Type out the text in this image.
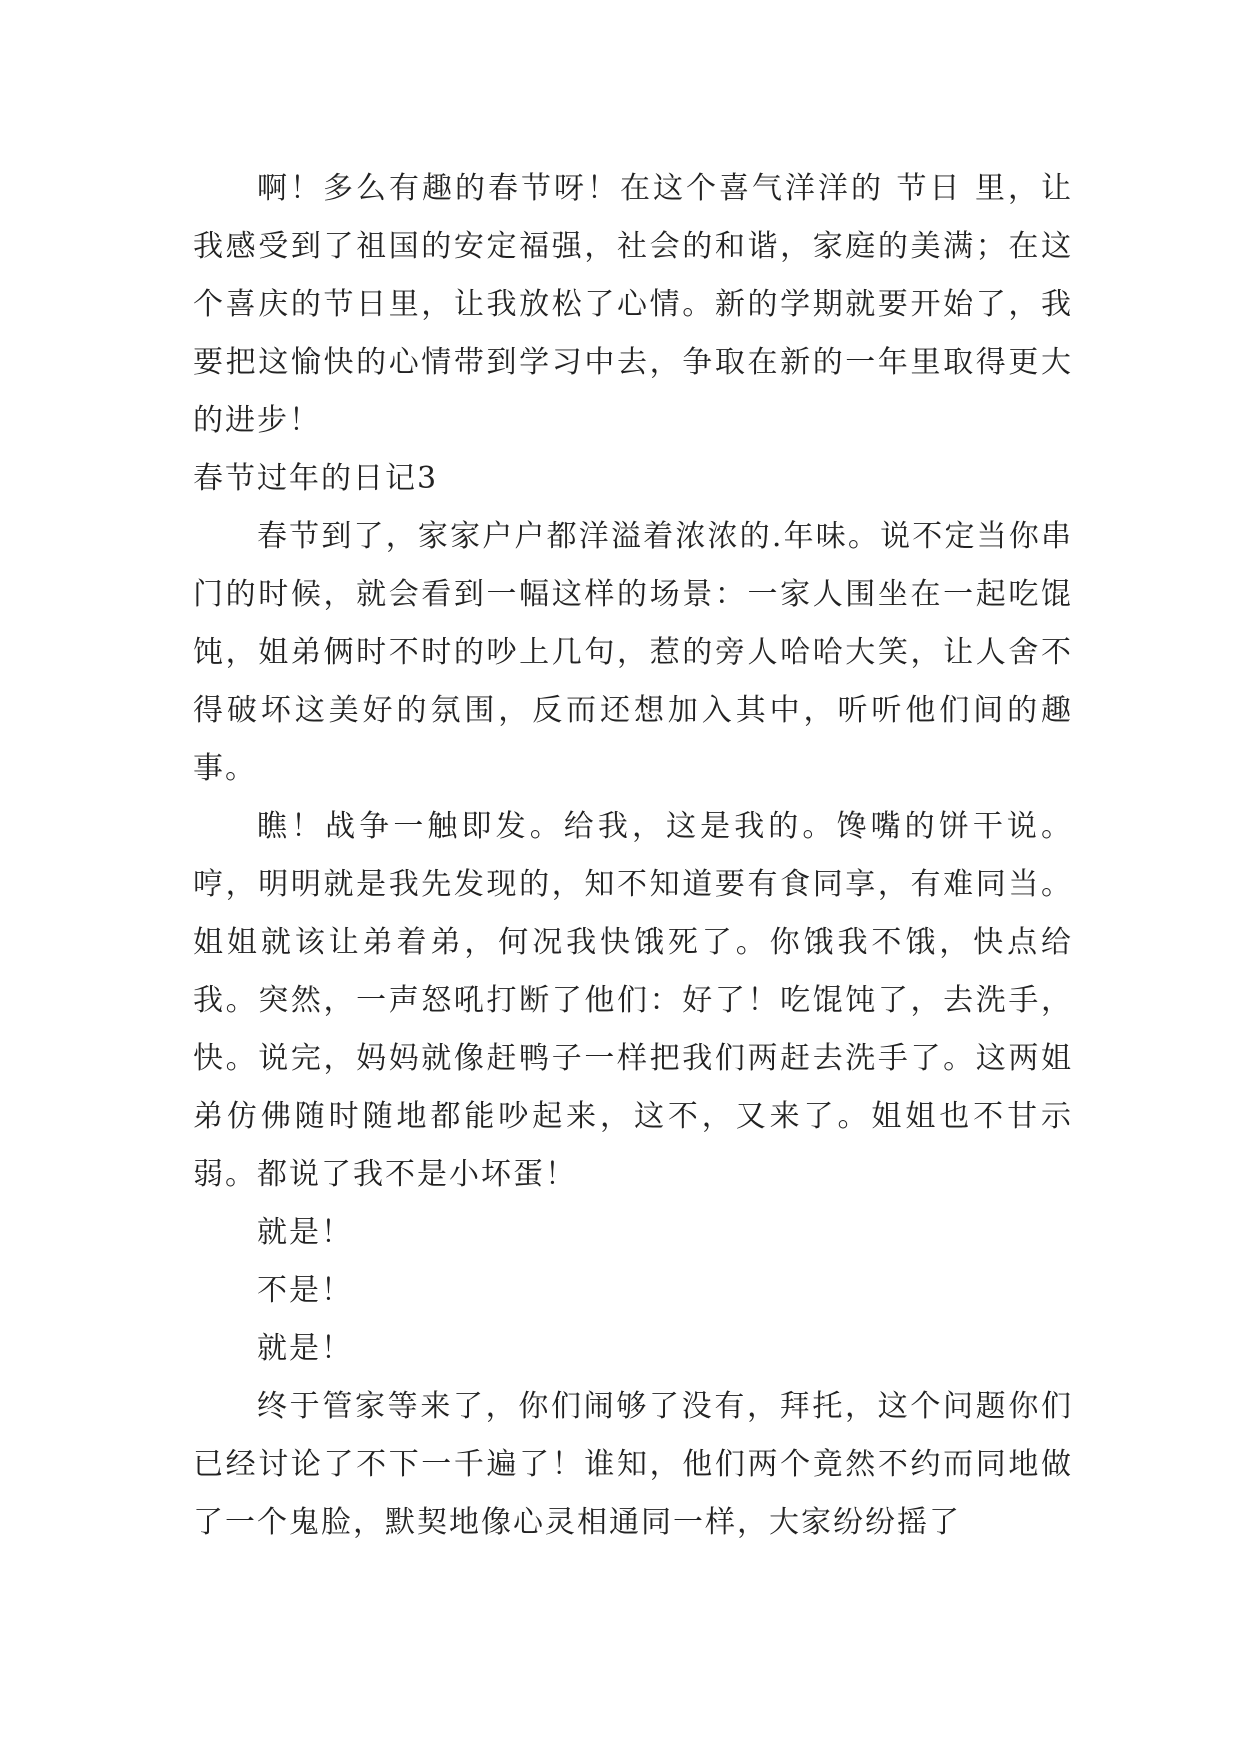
啊！多么有趣的春节呀！在这个喜气洋洋的 节日 里，让我感受到了祖国的安定福强，社会的和谐，家庭的美满；在这个喜庆的节日里，让我放松了心情。新的学期就要开始了，我要把这愉快的心情带到学习中去，争取在新的一年里取得更大的进步！

春节过年的日记3

春节到了，家家户户都洋溢着浓浓的.年味。说不定当你串门的时候，就会看到一幅这样的场景：一家人围坐在一起吃馄饨，姐弟俩时不时的吵上几句，惹的旁人哈哈大笑，让人舍不得破坏这美好的氛围，反而还想加入其中，听听他们间的趣事。

瞧！战争一触即发。给我，这是我的。馋嘴的饼干说。哼，明明就是我先发现的，知不知道要有食同享，有难同当。姐姐就该让弟着弟，何况我快饿死了。你饿我不饿，快点给我。突然，一声怒吼打断了他们：好了！吃馄饨了，去洗手，快。说完，妈妈就像赶鸭子一样把我们两赶去洗手了。这两姐弟仿佛随时随地都能吵起来，这不，又来了。姐姐也不甘示弱。都说了我不是小坏蛋！

就是！

不是！

就是！

终于管家等来了，你们闹够了没有，拜托，这个问题你们已经讨论了不下一千遍了！谁知，他们两个竟然不约而同地做了一个鬼脸，默契地像心灵相通同一样，大家纷纷摇了
